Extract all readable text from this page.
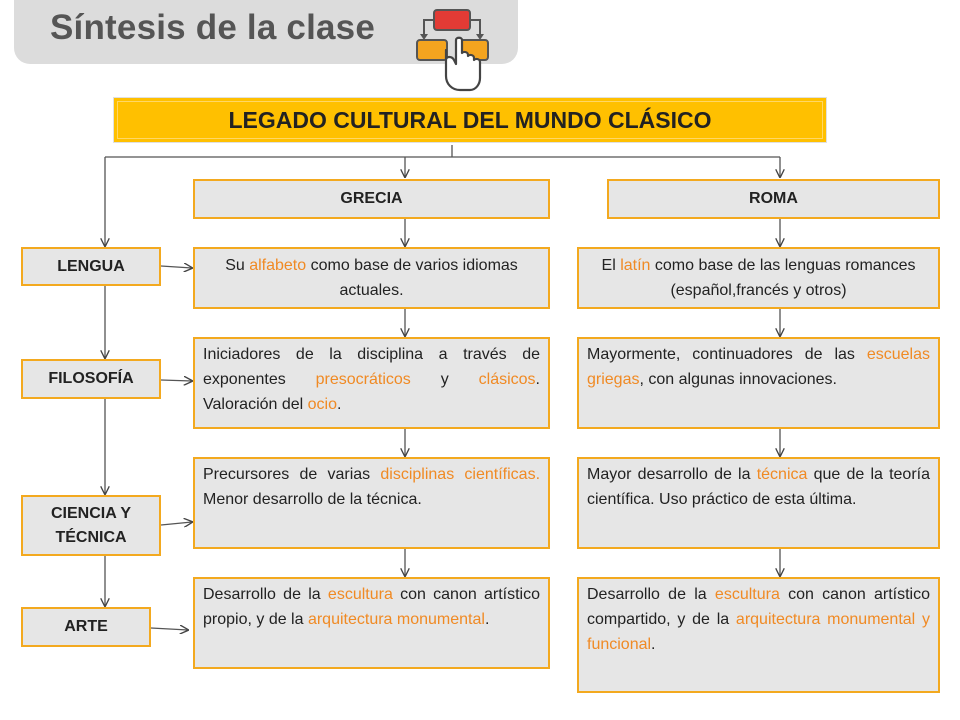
Síntesis de la clase
LEGADO CULTURAL DEL MUNDO CLÁSICO
GRECIA	ROMA
LENGUA
FILOSOFÍA
CIENCIA Y
TÉCNICA
ARTE
Su alfabeto como base de varios idiomas actuales.
El latín como base de las lenguas romances (español,francés y otros)
Iniciadores de la disciplina a través de exponentes presocráticos y clásicos. Valoración del ocio.
Mayormente, continuadores de las escuelas griegas, con algunas innovaciones.
Precursores de varias disciplinas científicas. Menor desarrollo de la técnica.
Mayor desarrollo de la técnica que de la teoría científica. Uso práctico de esta última.
Desarrollo de la escultura con canon artístico propio, y de la arquitectura monumental.
Desarrollo de la escultura con canon artístico compartido, y de la arquitectura monumental y funcional.
